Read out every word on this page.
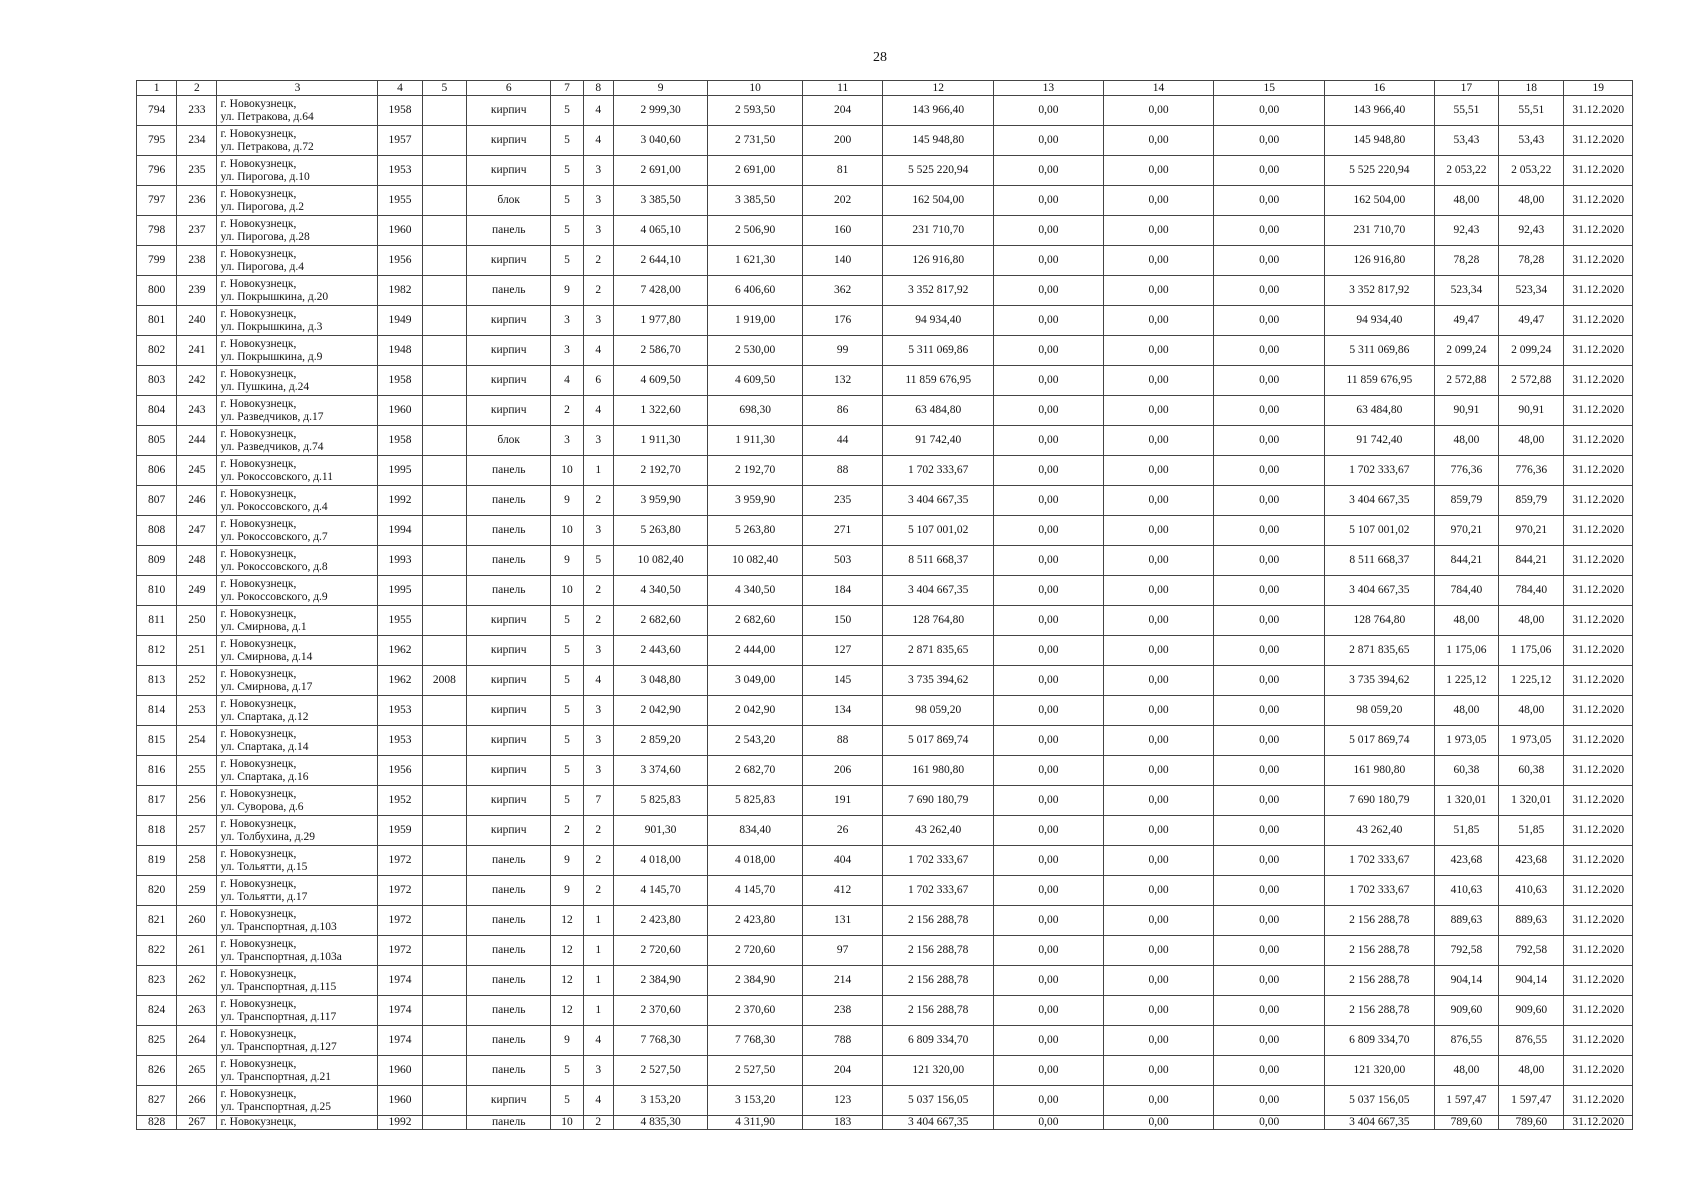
28
1	2	3	4	5	6	7	8	9	10	11	12	13	14	15	16	17	18	19
794	233	г. Новокузнецк,
ул. Петракова, д.64	1958		кирпич	5	4	2 999,30	2 593,50	204	143 966,40	0,00	0,00	0,00	143 966,40	55,51	55,51	31.12.2020
795	234	г. Новокузнецк,
ул. Петракова, д.72	1957		кирпич	5	4	3 040,60	2 731,50	200	145 948,80	0,00	0,00	0,00	145 948,80	53,43	53,43	31.12.2020
796	235	г. Новокузнецк,
ул. Пирогова, д.10	1953		кирпич	5	3	2 691,00	2 691,00	81	5 525 220,94	0,00	0,00	0,00	5 525 220,94	2 053,22	2 053,22	31.12.2020
797	236	г. Новокузнецк,
ул. Пирогова, д.2	1955		блок	5	3	3 385,50	3 385,50	202	162 504,00	0,00	0,00	0,00	162 504,00	48,00	48,00	31.12.2020
798	237	г. Новокузнецк,
ул. Пирогова, д.28	1960		панель	5	3	4 065,10	2 506,90	160	231 710,70	0,00	0,00	0,00	231 710,70	92,43	92,43	31.12.2020
799	238	г. Новокузнецк,
ул. Пирогова, д.4	1956		кирпич	5	2	2 644,10	1 621,30	140	126 916,80	0,00	0,00	0,00	126 916,80	78,28	78,28	31.12.2020
800	239	г. Новокузнецк,
ул. Покрышкина, д.20	1982		панель	9	2	7 428,00	6 406,60	362	3 352 817,92	0,00	0,00	0,00	3 352 817,92	523,34	523,34	31.12.2020
801	240	г. Новокузнецк,
ул. Покрышкина, д.3	1949		кирпич	3	3	1 977,80	1 919,00	176	94 934,40	0,00	0,00	0,00	94 934,40	49,47	49,47	31.12.2020
802	241	г. Новокузнецк,
ул. Покрышкина, д.9	1948		кирпич	3	4	2 586,70	2 530,00	99	5 311 069,86	0,00	0,00	0,00	5 311 069,86	2 099,24	2 099,24	31.12.2020
803	242	г. Новокузнецк,
ул. Пушкина, д.24	1958		кирпич	4	6	4 609,50	4 609,50	132	11 859 676,95	0,00	0,00	0,00	11 859 676,95	2 572,88	2 572,88	31.12.2020
804	243	г. Новокузнецк,
ул. Разведчиков, д.17	1960		кирпич	2	4	1 322,60	698,30	86	63 484,80	0,00	0,00	0,00	63 484,80	90,91	90,91	31.12.2020
805	244	г. Новокузнецк,
ул. Разведчиков, д.74	1958		блок	3	3	1 911,30	1 911,30	44	91 742,40	0,00	0,00	0,00	91 742,40	48,00	48,00	31.12.2020
806	245	г. Новокузнецк,
ул. Рокоссовского, д.11	1995		панель	10	1	2 192,70	2 192,70	88	1 702 333,67	0,00	0,00	0,00	1 702 333,67	776,36	776,36	31.12.2020
807	246	г. Новокузнецк,
ул. Рокоссовского, д.4	1992		панель	9	2	3 959,90	3 959,90	235	3 404 667,35	0,00	0,00	0,00	3 404 667,35	859,79	859,79	31.12.2020
808	247	г. Новокузнецк,
ул. Рокоссовского, д.7	1994		панель	10	3	5 263,80	5 263,80	271	5 107 001,02	0,00	0,00	0,00	5 107 001,02	970,21	970,21	31.12.2020
809	248	г. Новокузнецк,
ул. Рокоссовского, д.8	1993		панель	9	5	10 082,40	10 082,40	503	8 511 668,37	0,00	0,00	0,00	8 511 668,37	844,21	844,21	31.12.2020
810	249	г. Новокузнецк,
ул. Рокоссовского, д.9	1995		панель	10	2	4 340,50	4 340,50	184	3 404 667,35	0,00	0,00	0,00	3 404 667,35	784,40	784,40	31.12.2020
811	250	г. Новокузнецк,
ул. Смирнова, д.1	1955		кирпич	5	2	2 682,60	2 682,60	150	128 764,80	0,00	0,00	0,00	128 764,80	48,00	48,00	31.12.2020
812	251	г. Новокузнецк,
ул. Смирнова, д.14	1962		кирпич	5	3	2 443,60	2 444,00	127	2 871 835,65	0,00	0,00	0,00	2 871 835,65	1 175,06	1 175,06	31.12.2020
813	252	г. Новокузнецк,
ул. Смирнова, д.17	1962	2008	кирпич	5	4	3 048,80	3 049,00	145	3 735 394,62	0,00	0,00	0,00	3 735 394,62	1 225,12	1 225,12	31.12.2020
814	253	г. Новокузнецк,
ул. Спартака, д.12	1953		кирпич	5	3	2 042,90	2 042,90	134	98 059,20	0,00	0,00	0,00	98 059,20	48,00	48,00	31.12.2020
815	254	г. Новокузнецк,
ул. Спартака, д.14	1953		кирпич	5	3	2 859,20	2 543,20	88	5 017 869,74	0,00	0,00	0,00	5 017 869,74	1 973,05	1 973,05	31.12.2020
816	255	г. Новокузнецк,
ул. Спартака, д.16	1956		кирпич	5	3	3 374,60	2 682,70	206	161 980,80	0,00	0,00	0,00	161 980,80	60,38	60,38	31.12.2020
817	256	г. Новокузнецк,
ул. Суворова, д.6	1952		кирпич	5	7	5 825,83	5 825,83	191	7 690 180,79	0,00	0,00	0,00	7 690 180,79	1 320,01	1 320,01	31.12.2020
818	257	г. Новокузнецк,
ул. Толбухина, д.29	1959		кирпич	2	2	901,30	834,40	26	43 262,40	0,00	0,00	0,00	43 262,40	51,85	51,85	31.12.2020
819	258	г. Новокузнецк,
ул. Тольятти, д.15	1972		панель	9	2	4 018,00	4 018,00	404	1 702 333,67	0,00	0,00	0,00	1 702 333,67	423,68	423,68	31.12.2020
820	259	г. Новокузнецк,
ул. Тольятти, д.17	1972		панель	9	2	4 145,70	4 145,70	412	1 702 333,67	0,00	0,00	0,00	1 702 333,67	410,63	410,63	31.12.2020
821	260	г. Новокузнецк,
ул. Транспортная, д.103	1972		панель	12	1	2 423,80	2 423,80	131	2 156 288,78	0,00	0,00	0,00	2 156 288,78	889,63	889,63	31.12.2020
822	261	г. Новокузнецк,
ул. Транспортная, д.103а	1972		панель	12	1	2 720,60	2 720,60	97	2 156 288,78	0,00	0,00	0,00	2 156 288,78	792,58	792,58	31.12.2020
823	262	г. Новокузнецк,
ул. Транспортная, д.115	1974		панель	12	1	2 384,90	2 384,90	214	2 156 288,78	0,00	0,00	0,00	2 156 288,78	904,14	904,14	31.12.2020
824	263	г. Новокузнецк,
ул. Транспортная, д.117	1974		панель	12	1	2 370,60	2 370,60	238	2 156 288,78	0,00	0,00	0,00	2 156 288,78	909,60	909,60	31.12.2020
825	264	г. Новокузнецк,
ул. Транспортная, д.127	1974		панель	9	4	7 768,30	7 768,30	788	6 809 334,70	0,00	0,00	0,00	6 809 334,70	876,55	876,55	31.12.2020
826	265	г. Новокузнецк,
ул. Транспортная, д.21	1960		панель	5	3	2 527,50	2 527,50	204	121 320,00	0,00	0,00	0,00	121 320,00	48,00	48,00	31.12.2020
827	266	г. Новокузнецк,
ул. Транспортная, д.25	1960		кирпич	5	4	3 153,20	3 153,20	123	5 037 156,05	0,00	0,00	0,00	5 037 156,05	1 597,47	1 597,47	31.12.2020
828	267	г. Новокузнецк,	1992		панель	10	2	4 835,30	4 311,90	183	3 404 667,35	0,00	0,00	0,00	3 404 667,35	789,60	789,60	31.12.2020
